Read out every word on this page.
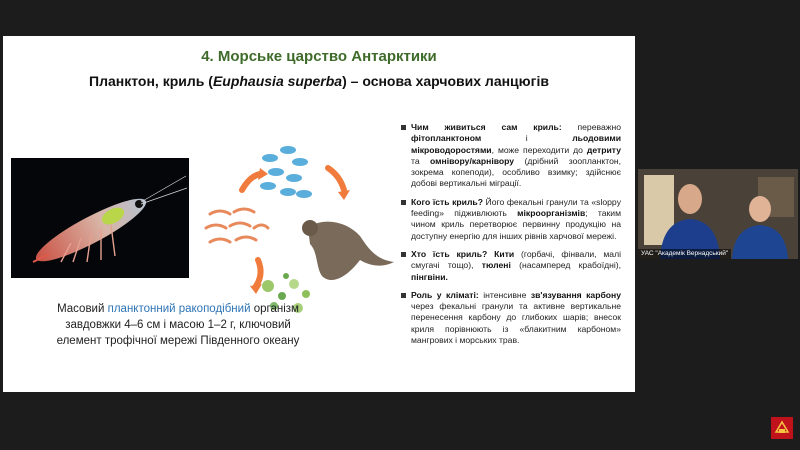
4. Морське царство Антарктики
Планктон, криль (Euphausia superba) – основа харчових ланцюгів
Масовий планктонний ракоподібний організм завдовжки 4–6 см і масою 1–2 г, ключовий елемент трофічної мережі Південного океану
Чим живиться сам криль: переважно фітопланктоном і льодовими мікроводоростями, може переходити до детриту та омнівору/карнівору (дрібний зоопланктон, зокрема копеподи), особливо взимку; здійснює добові вертикальні міграції.
Кого їсть криль? Його фекальні гранули та «sloppy feeding» підживлюють мікроорганізмів; таким чином криль перетворює первинну продукцію на доступну енергію для інших рівнів харчової мережі.
Хто їсть криль? Кити (горбачі, фінвали, малі смугачі тощо), тюлені (насамперед крабоїдні), пінгвіни.
Роль у кліматі: інтенсивне зв'язування карбону через фекальні гранули та активне вертикальне перенесення карбону до глибоких шарів; внесок криля порівнюють із «блакитним карбоном» мангрових і морських трав.
УАС "Академік Вернадський"
